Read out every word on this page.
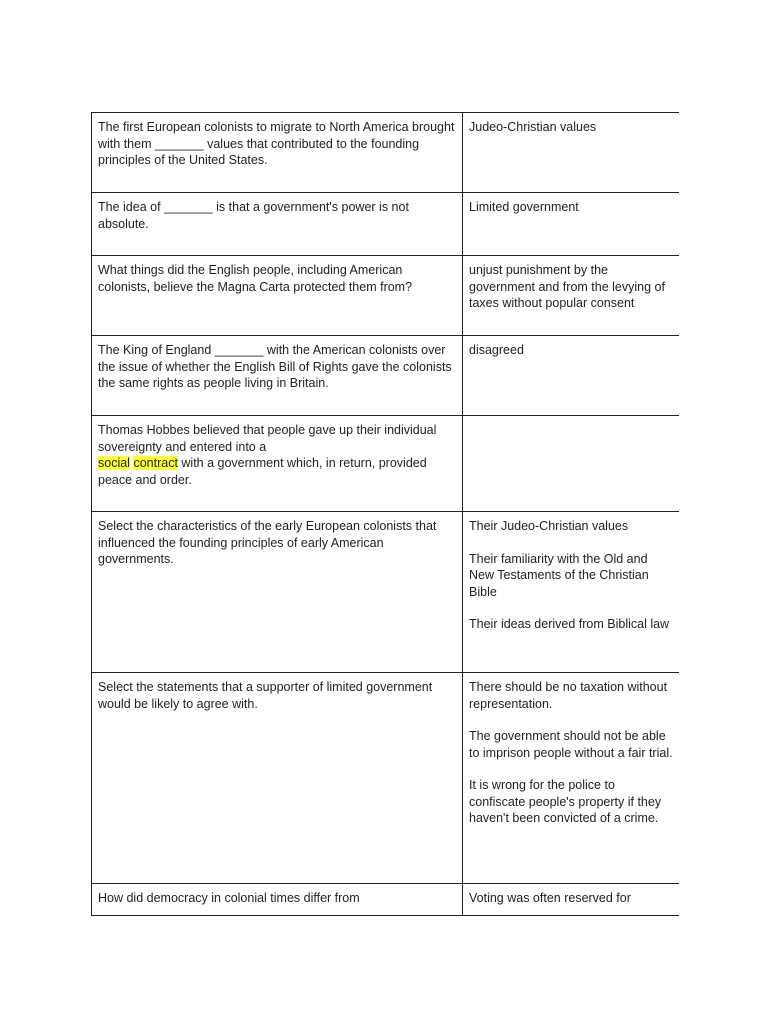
The first European colonists to migrate to North America brought with them _______ values that contributed to the founding principles of the United States.	Judeo-Christian values

The idea of _______ is that a government's power is not absolute.	Limited government

What things did the English people, including American colonists, believe the Magna Carta protected them from?	unjust punishment by the government and from the levying of taxes without popular consent

The King of England _______ with the American colonists over the issue of whether the English Bill of Rights gave the colonists the same rights as people living in Britain.	disagreed

Thomas Hobbes believed that people gave up their individual sovereignty and entered into a
social contract with a government which, in return, provided peace and order.	
Select the characteristics of the early European colonists that influenced the founding principles of early American governments.	Their Judeo-Christian values

Their familiarity with the Old and New Testaments of the Christian Bible

Their ideas derived from Biblical law

Select the statements that a supporter of limited government would be likely to agree with.	There should be no taxation without representation.

The government should not be able to imprison people without a fair trial.

It is wrong for the police to confiscate people's property if they haven't been convicted of a crime.

How did democracy in colonial times differ from	Voting was often reserved for
